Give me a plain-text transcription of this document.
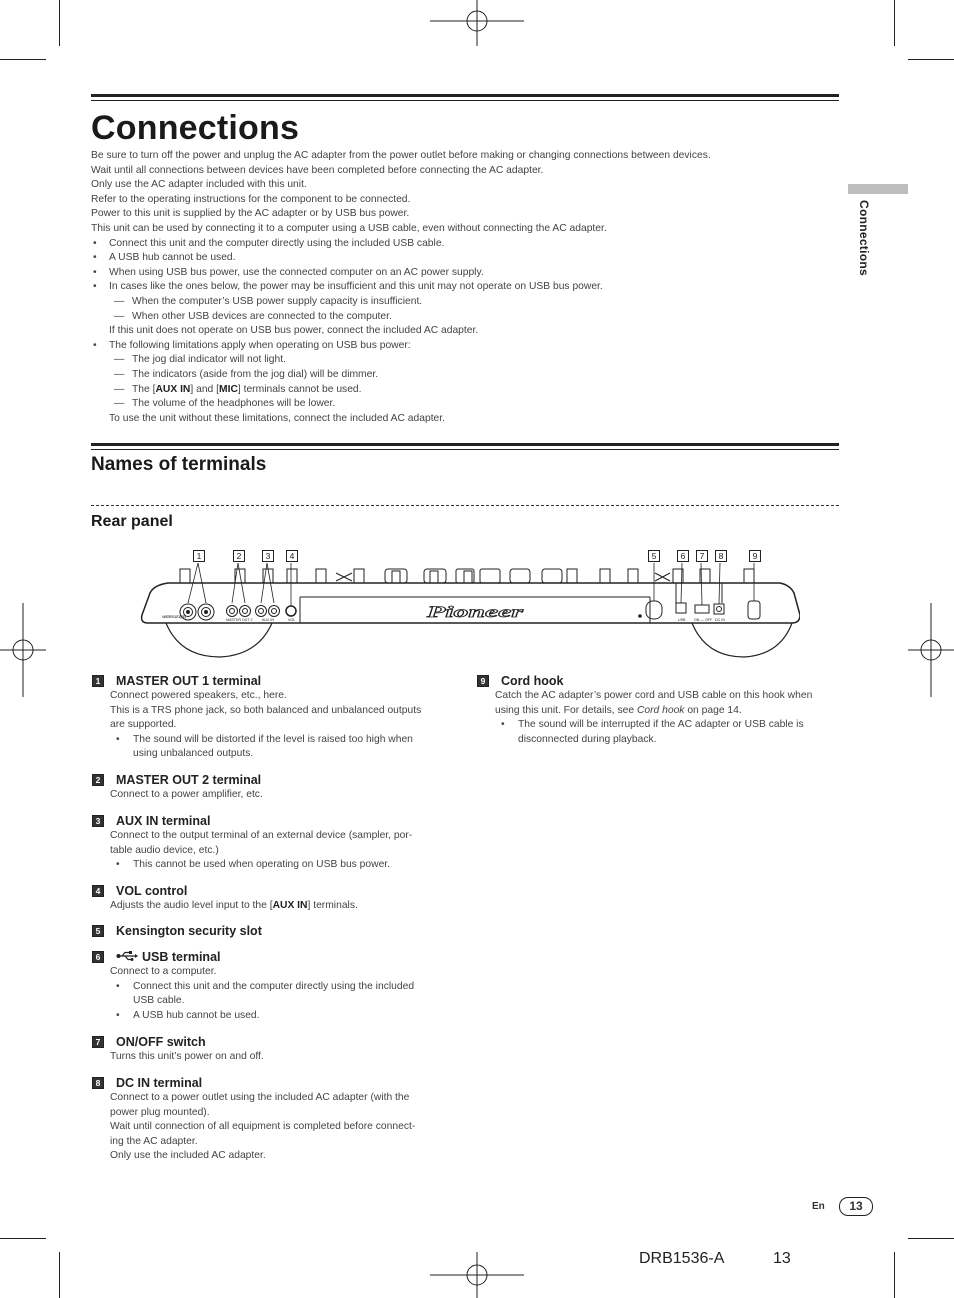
Connections
Connections
Be sure to turn off the power and unplug the AC adapter from the power outlet before making or changing connections between devices.
Wait until all connections between devices have been completed before connecting the AC adapter.
Only use the AC adapter included with this unit.
Refer to the operating instructions for the component to be connected.
Power to this unit is supplied by the AC adapter or by USB bus power.
This unit can be used by connecting it to a computer using a USB cable, even without connecting the AC adapter.
• Connect this unit and the computer directly using the included USB cable.
• A USB hub cannot be used.
• When using USB bus power, use the connected computer on an AC power supply.
• In cases like the ones below, the power may be insufficient and this unit may not operate on USB bus power.
— When the computer’s USB power supply capacity is insufficient.
— When other USB devices are connected to the computer.
If this unit does not operate on USB bus power, connect the included AC adapter.
• The following limitations apply when operating on USB bus power:
— The jog dial indicator will not light.
— The indicators (aside from the jog dial) will be dimmer.
— The [AUX IN] and [MIC] terminals cannot be used.
— The volume of the headphones will be lower.
To use the unit without these limitations, connect the included AC adapter.
Names of terminals
Rear panel
MASTER OUT 1 (TRS)
MASTER OUT 2	AUX IN	VOL	USB ON — OFF DC IN
Pioneer
1	2	3	4	5	6	7	8	9
1 MASTER OUT 1 terminal
Connect powered speakers, etc., here.
This is a TRS phone jack, so both balanced and unbalanced outputs
are supported.
• The sound will be distorted if the level is raised too high when
using unbalanced outputs.
2 MASTER OUT 2 terminal
Connect to a power amplifier, etc.
3 AUX IN terminal
Connect to the output terminal of an external device (sampler, por-
table audio device, etc.)
• This cannot be used when operating on USB bus power.
4 VOL control
Adjusts the audio level input to the [AUX IN] terminals.
5 Kensington security slot
6	USB terminal
Connect to a computer.
• Connect this unit and the computer directly using the included
USB cable.
• A USB hub cannot be used.
7 ON/OFF switch
Turns this unit’s power on and off.
8 DC IN terminal
Connect to a power outlet using the included AC adapter (with the
power plug mounted).
Wait until connection of all equipment is completed before connect-
ing the AC adapter.
Only use the included AC adapter.
9 Cord hook
Catch the AC adapter’s power cord and USB cable on this hook when
using this unit. For details, see Cord hook on page 14.
• The sound will be interrupted if the AC adapter or USB cable is
disconnected during playback.
En	13
DRB1536-A	13
